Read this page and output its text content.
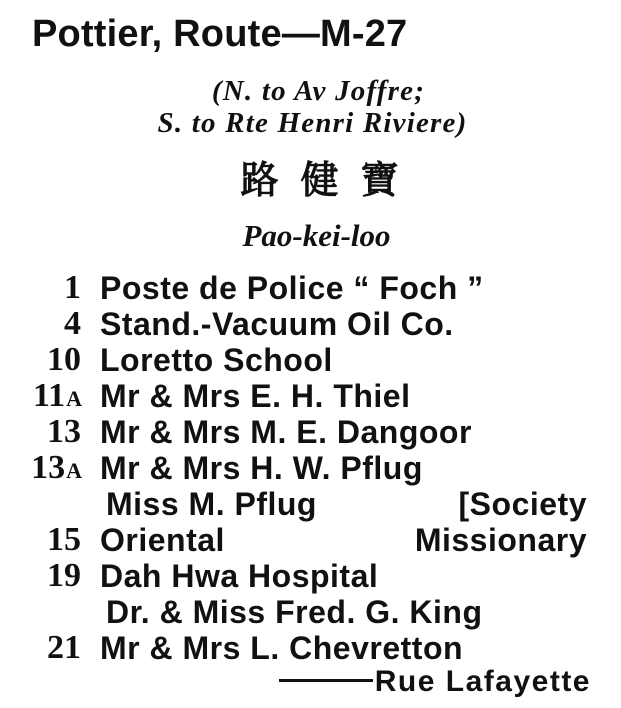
Pottier, Route—M-27
(N. to Av Joffre;
S. to Rte Henri Riviere)
路健寶
Pao-kei-loo
1 Poste de Police “ Foch ”
4 Stand.-Vacuum Oil Co.
10 Loretto School
11A Mr & Mrs E. H. Thiel
13 Mr & Mrs M. E. Dangoor
13A Mr & Mrs H. W. Pflug
Miss M. Pflug	[Society
15 Oriental	Missionary
19 Dah Hwa Hospital
Dr. & Miss Fred. G. King
21 Mr & Mrs L. Chevretton
Rue Lafayette
